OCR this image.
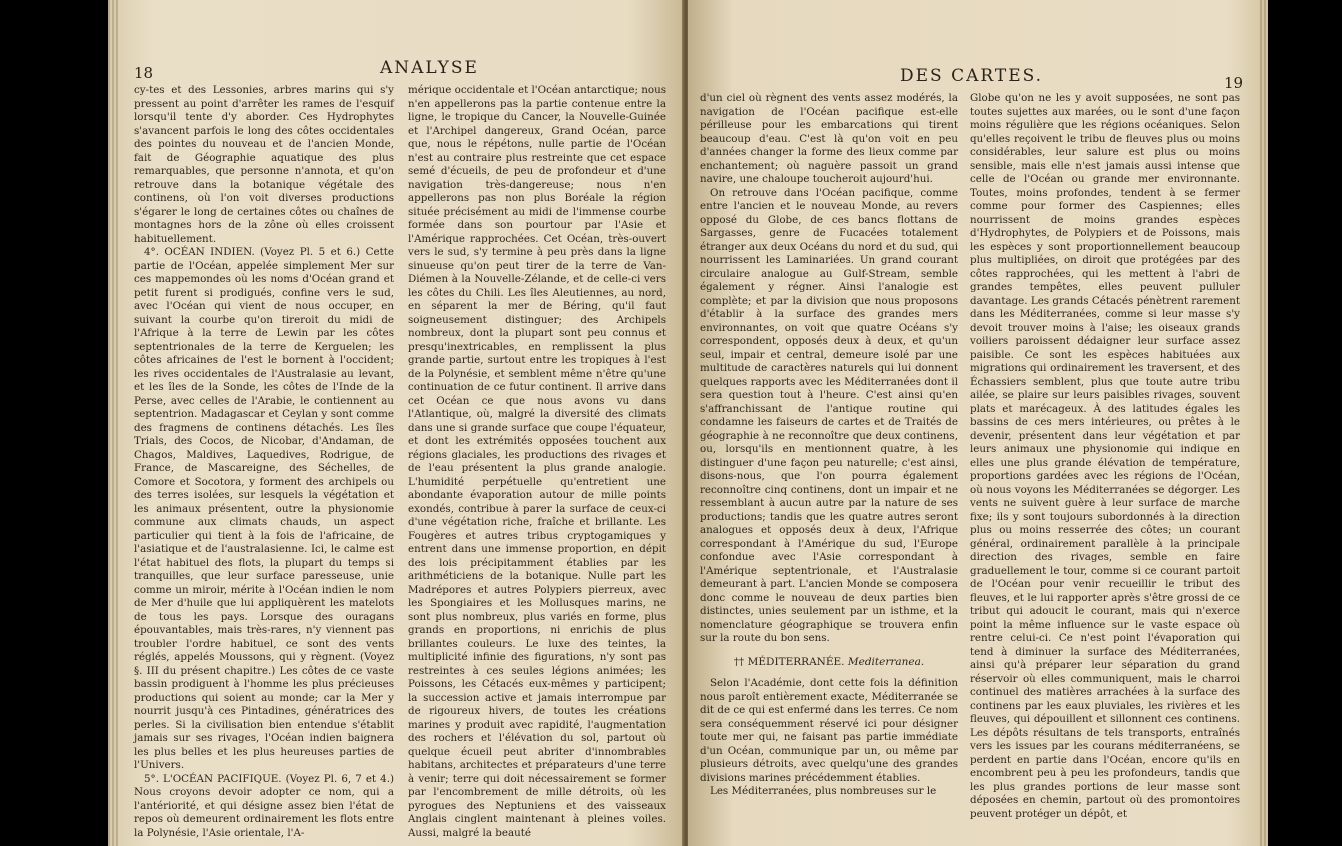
18	ANALYSE

cy-tes et des Lessonies, arbres marins qui s'y pressent au point d'arrêter les rames de l'esquif lorsqu'il tente d'y aborder. Ces Hydrophytes s'avancent parfois le long des côtes occidentales des pointes du nouveau et de l'ancien Monde, fait de Géographie aquatique des plus remarquables, que personne n'annota, et qu'on retrouve dans la botanique végétale des continens, où l'on voit diverses productions s'égarer le long de certaines côtes ou chaînes de montagnes hors de la zône où elles croissent habituellement.

4°. OCÉAN INDIEN. (Voyez Pl. 5 et 6.) Cette partie de l'Océan, appelée simplement Mer sur ces mappemondes où les noms d'Océan grand et petit furent si prodigués, confine vers le sud, avec l'Océan qui vient de nous occuper, en suivant la courbe qu'on tireroit du midi de l'Afrique à la terre de Lewin par les côtes septentrionales de la terre de Kerguelen; les côtes africaines de l'est le bornent à l'occident; les rives occidentales de l'Australasie au levant, et les îles de la Sonde, les côtes de l'Inde de la Perse, avec celles de l'Arabie, le contiennent au septentrion. Madagascar et Ceylan y sont comme des fragmens de continens détachés. Les îles Trials, des Cocos, de Nicobar, d'Andaman, de Chagos, Maldives, Laquedives, Rodrigue, de France, de Mascareigne, des Séchelles, de Comore et Socotora, y forment des archipels ou des terres isolées, sur lesquels la végétation et les animaux présentent, outre la physionomie commune aux climats chauds, un aspect particulier qui tient à la fois de l'africaine, de l'asiatique et de l'australasienne. Ici, le calme est l'état habituel des flots, la plupart du temps si tranquilles, que leur surface paresseuse, unie comme un miroir, mérite à l'Océan indien le nom de Mer d'huile que lui appliquèrent les matelots de tous les pays. Lorsque des ouragans épouvantables, mais très-rares, n'y viennent pas troubler l'ordre habituel, ce sont des vents réglés, appelés Moussons, qui y règnent. (Voyez §. III du présent chapitre.) Les côtes de ce vaste bassin prodiguent à l'homme les plus précieuses productions qui soient au monde; car la Mer y nourrit jusqu'à ces Pintadines, génératrices des perles. Si la civilisation bien entendue s'établit jamais sur ses rivages, l'Océan indien baignera les plus belles et les plus heureuses parties de l'Univers.

5°. L'OCÉAN PACIFIQUE. (Voyez Pl. 6, 7 et 4.) Nous croyons devoir adopter ce nom, qui a l'antériorité, et qui désigne assez bien l'état de repos où demeurent ordinairement les flots entre la Polynésie, l'Asie orientale, l'A-

mérique occidentale et l'Océan antarctique; nous n'en appellerons pas la partie contenue entre la ligne, le tropique du Cancer, la Nouvelle-Guinée et l'Archipel dangereux, Grand Océan, parce que, nous le répétons, nulle partie de l'Océan n'est au contraire plus restreinte que cet espace semé d'écueils, de peu de profondeur et d'une navigation très-dangereuse; nous n'en appellerons pas non plus Boréale la région située précisément au midi de l'immense courbe formée dans son pourtour par l'Asie et l'Amérique rapprochées. Cet Océan, très-ouvert vers le sud, s'y termine à peu près dans la ligne sinueuse qu'on peut tirer de la terre de Van-Diémen à la Nouvelle-Zélande, et de celle-ci vers les côtes du Chili. Les îles Aleutiennes, au nord, en séparent la mer de Béring, qu'il faut soigneusement distinguer; des Archipels nombreux, dont la plupart sont peu connus et presqu'inextricables, en remplissent la plus grande partie, surtout entre les tropiques à l'est de la Polynésie, et semblent même n'être qu'une continuation de ce futur continent. Il arrive dans cet Océan ce que nous avons vu dans l'Atlantique, où, malgré la diversité des climats dans une si grande surface que coupe l'équateur, et dont les extrémités opposées touchent aux régions glaciales, les productions des rivages et de l'eau présentent la plus grande analogie. L'humidité perpétuelle qu'entretient une abondante évaporation autour de mille points exondés, contribue à parer la surface de ceux-ci d'une végétation riche, fraîche et brillante. Les Fougères et autres tribus cryptogamiques y entrent dans une immense proportion, en dépit des lois précipitamment établies par les arithméticiens de la botanique. Nulle part les Madrépores et autres Polypiers pierreux, avec les Spongiaires et les Mollusques marins, ne sont plus nombreux, plus variés en forme, plus grands en proportions, ni enrichis de plus brillantes couleurs. Le luxe des teintes, la multiplicité infinie des figurations, n'y sont pas restreintes à ces seules légions animées; les Poissons, les Cétacés eux-mêmes y participent; la succession active et jamais interrompue par de rigoureux hivers, de toutes les créations marines y produit avec rapidité, l'augmentation des rochers et l'élévation du sol, partout où quelque écueil peut abriter d'innombrables habitans, architectes et préparateurs d'une terre à venir; terre qui doit nécessairement se former par l'encombrement de mille détroits, où les pyrogues des Neptuniens et des vaisseaux Anglais cinglent maintenant à pleines voiles. Aussi, malgré la beauté

DES CARTES.	19

d'un ciel où règnent des vents assez modérés, la navigation de l'Océan pacifique est-elle périlleuse pour les embarcations qui tirent beaucoup d'eau. C'est là qu'on voit en peu d'années changer la forme des lieux comme par enchantement; où naguère passoit un grand navire, une chaloupe toucheroit aujourd'hui.

On retrouve dans l'Océan pacifique, comme entre l'ancien et le nouveau Monde, au revers opposé du Globe, de ces bancs flottans de Sargasses, genre de Fucacées totalement étranger aux deux Océans du nord et du sud, qui nourrissent les Laminariées. Un grand courant circulaire analogue au Gulf-Stream, semble également y régner. Ainsi l'analogie est complète; et par la division que nous proposons d'établir à la surface des grandes mers environnantes, on voit que quatre Océans s'y correspondent, opposés deux à deux, et qu'un seul, impair et central, demeure isolé par une multitude de caractères naturels qui lui donnent quelques rapports avec les Méditerranées dont il sera question tout à l'heure. C'est ainsi qu'en s'affranchissant de l'antique routine qui condamne les faiseurs de cartes et de Traités de géographie à ne reconnoître que deux continens, ou, lorsqu'ils en mentionnent quatre, à les distinguer d'une façon peu naturelle; c'est ainsi, disons-nous, que l'on pourra également reconnoître cinq continens, dont un impair et ne ressemblant à aucun autre par la nature de ses productions; tandis que les quatre autres seront analogues et opposés deux à deux, l'Afrique correspondant à l'Amérique du sud, l'Europe confondue avec l'Asie correspondant à l'Amérique septentrionale, et l'Australasie demeurant à part. L'ancien Monde se composera donc comme le nouveau de deux parties bien distinctes, unies seulement par un isthme, et la nomenclature géographique se trouvera enfin sur la route du bon sens.

†† MÉDITERRANÉE. Mediterranea.

Selon l'Académie, dont cette fois la définition nous paroît entièrement exacte, Méditerranée se dit de ce qui est enfermé dans les terres. Ce nom sera conséquemment réservé ici pour désigner toute mer qui, ne faisant pas partie immédiate d'un Océan, communique par un, ou même par plusieurs détroits, avec quelqu'une des grandes divisions marines précédemment établies.

Les Méditerranées, plus nombreuses sur le

Globe qu'on ne les y avoit supposées, ne sont pas toutes sujettes aux marées, ou le sont d'une façon moins régulière que les régions océaniques. Selon qu'elles reçoivent le tribu de fleuves plus ou moins considérables, leur salure est plus ou moins sensible, mais elle n'est jamais aussi intense que celle de l'Océan ou grande mer environnante. Toutes, moins profondes, tendent à se fermer comme pour former des Caspiennes; elles nourrissent de moins grandes espèces d'Hydrophytes, de Polypiers et de Poissons, mais les espèces y sont proportionnellement beaucoup plus multipliées, on diroit que protégées par des côtes rapprochées, qui les mettent à l'abri de grandes tempêtes, elles peuvent pulluler davantage. Les grands Cétacés pénètrent rarement dans les Méditerranées, comme si leur masse s'y devoit trouver moins à l'aise; les oiseaux grands voiliers paroissent dédaigner leur surface assez paisible. Ce sont les espèces habituées aux migrations qui ordinairement les traversent, et des Échassiers semblent, plus que toute autre tribu ailée, se plaire sur leurs paisibles rivages, souvent plats et marécageux. À des latitudes égales les bassins de ces mers intérieures, ou prêtes à le devenir, présentent dans leur végétation et par leurs animaux une physionomie qui indique en elles une plus grande élévation de température, proportions gardées avec les régions de l'Océan, où nous voyons les Méditerranées se dégorger. Les vents ne suivent guère à leur surface de marche fixe; ils y sont toujours subordonnés à la direction plus ou moins resserrée des côtes; un courant général, ordinairement parallèle à la principale direction des rivages, semble en faire graduellement le tour, comme si ce courant partoit de l'Océan pour venir recueillir le tribut des fleuves, et le lui rapporter après s'être grossi de ce tribut qui adoucit le courant, mais qui n'exerce point la même influence sur le vaste espace où rentre celui-ci. Ce n'est point l'évaporation qui tend à diminuer la surface des Méditerranées, ainsi qu'à préparer leur séparation du grand réservoir où elles communiquent, mais le charroi continuel des matières arrachées à la surface des continens par les eaux pluviales, les rivières et les fleuves, qui dépouillent et sillonnent ces continens. Les dépôts résultans de tels transports, entraînés vers les issues par les courans méditerranéens, se perdent en partie dans l'Océan, encore qu'ils en encombrent peu à peu les profondeurs, tandis que les plus grandes portions de leur masse sont déposées en chemin, partout où des promontoires peuvent protéger un dépôt, et
